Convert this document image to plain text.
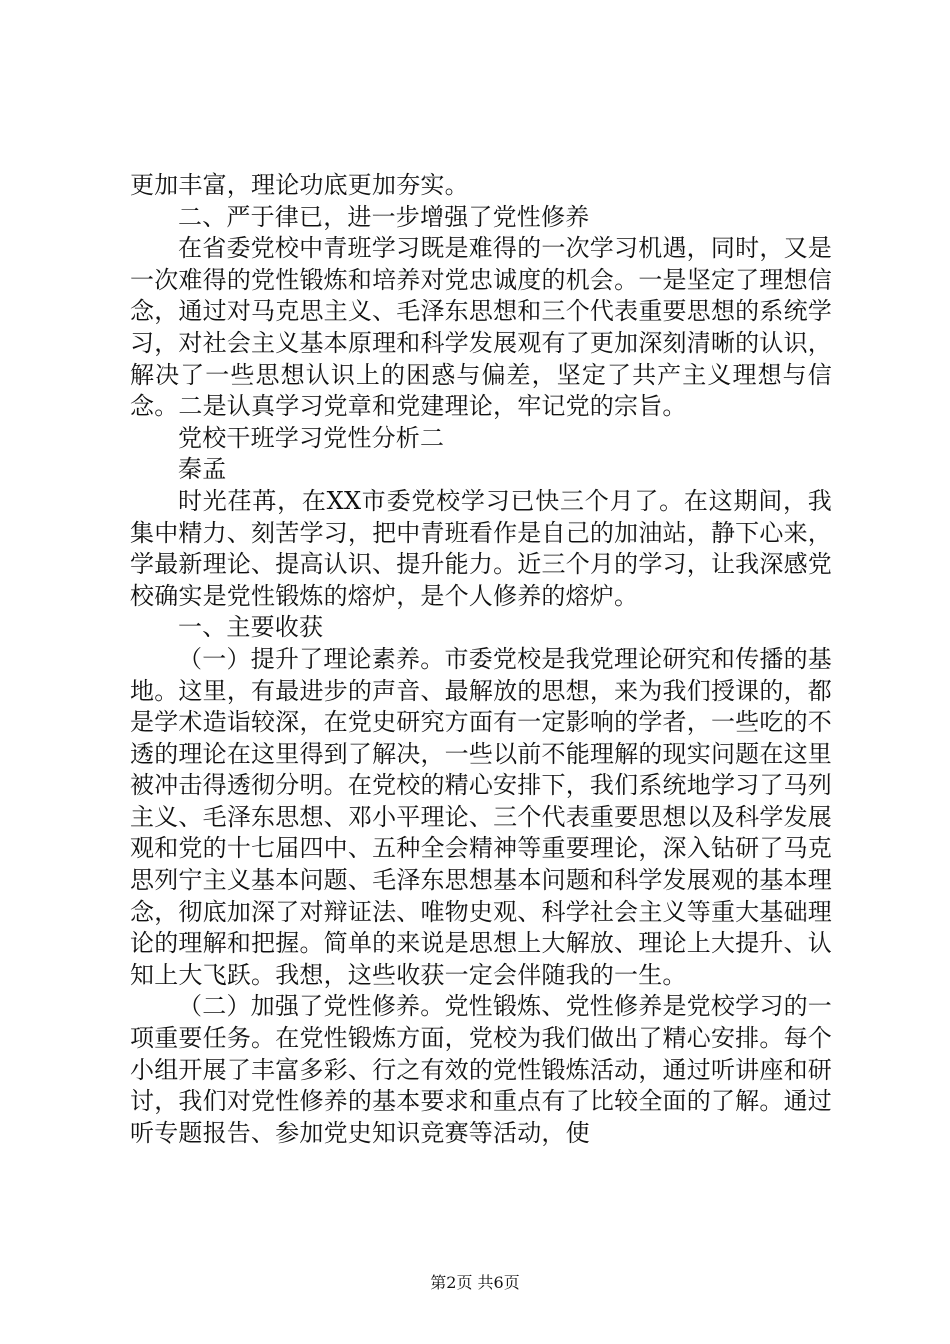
更加丰富，理论功底更加夯实。

二、严于律已，进一步增强了党性修养

在省委党校中青班学习既是难得的一次学习机遇，同时，又是一次难得的党性锻炼和培养对党忠诚度的机会。一是坚定了理想信念，通过对马克思主义、毛泽东思想和三个代表重要思想的系统学习，对社会主义基本原理和科学发展观有了更加深刻清晰的认识，解决了一些思想认识上的困惑与偏差，坚定了共产主义理想与信念。二是认真学习党章和党建理论，牢记党的宗旨。

党校干班学习党性分析二

秦孟

时光荏苒，在XX市委党校学习已快三个月了。在这期间，我集中精力、刻苦学习，把中青班看作是自己的加油站，静下心来，学最新理论、提高认识、提升能力。近三个月的学习，让我深感党校确实是党性锻炼的熔炉，是个人修养的熔炉。

一、主要收获

（一）提升了理论素养。市委党校是我党理论研究和传播的基地。这里，有最进步的声音、最解放的思想，来为我们授课的，都是学术造诣较深，在党史研究方面有一定影响的学者，一些吃的不透的理论在这里得到了解决，一些以前不能理解的现实问题在这里被冲击得透彻分明。在党校的精心安排下，我们系统地学习了马列主义、毛泽东思想、邓小平理论、三个代表重要思想以及科学发展观和党的十七届四中、五种全会精神等重要理论，深入钻研了马克思列宁主义基本问题、毛泽东思想基本问题和科学发展观的基本理念，彻底加深了对辩证法、唯物史观、科学社会主义等重大基础理论的理解和把握。简单的来说是思想上大解放、理论上大提升、认知上大飞跃。我想，这些收获一定会伴随我的一生。

（二）加强了党性修养。党性锻炼、党性修养是党校学习的一项重要任务。在党性锻炼方面，党校为我们做出了精心安排。每个小组开展了丰富多彩、行之有效的党性锻炼活动，通过听讲座和研讨，我们对党性修养的基本要求和重点有了比较全面的了解。通过听专题报告、参加党史知识竞赛等活动，使

第2页 共6页
